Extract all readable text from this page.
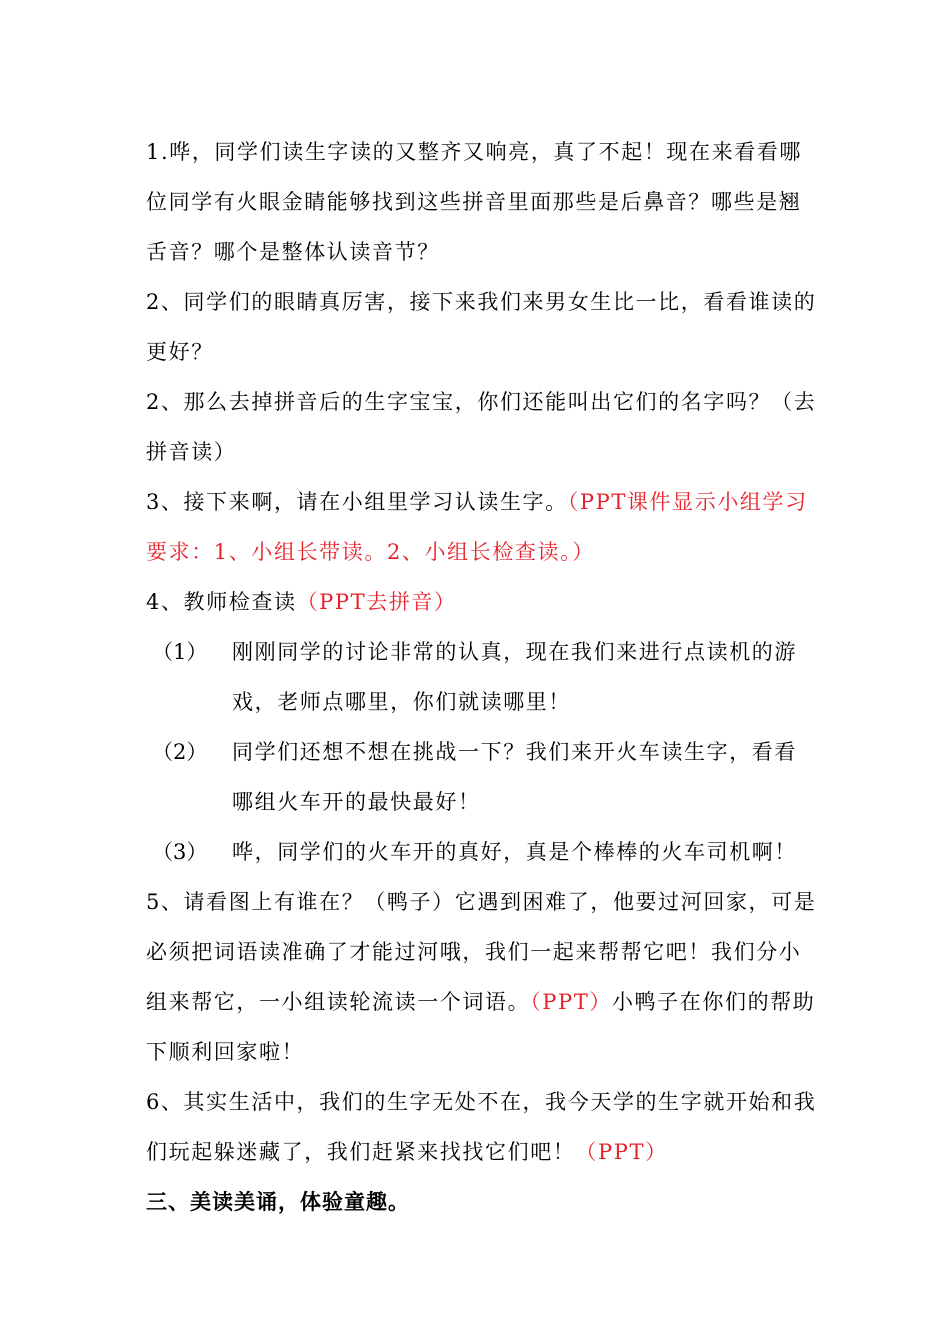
1.哗，同学们读生字读的又整齐又响亮，真了不起！现在来看看哪
位同学有火眼金睛能够找到这些拼音里面那些是后鼻音？哪些是翘
舌音？哪个是整体认读音节？
2、同学们的眼睛真厉害，接下来我们来男女生比一比，看看谁读的
更好？
2、那么去掉拼音后的生字宝宝，你们还能叫出它们的名字吗？（去
拼音读）
3、接下来啊，请在小组里学习认读生字。（PPT课件显示小组学习
要求：1、小组长带读。2、小组长检查读。）
4、教师检查读（PPT去拼音）
（1） 刚刚同学的讨论非常的认真，现在我们来进行点读机的游
戏，老师点哪里，你们就读哪里！
（2） 同学们还想不想在挑战一下？我们来开火车读生字，看看
哪组火车开的最快最好！
（3） 哗，同学们的火车开的真好，真是个棒棒的火车司机啊！
5、请看图上有谁在？（鸭子）它遇到困难了，他要过河回家，可是
必须把词语读准确了才能过河哦，我们一起来帮帮它吧！我们分小
组来帮它，一小组读轮流读一个词语。（PPT）小鸭子在你们的帮助
下顺利回家啦！
6、其实生活中，我们的生字无处不在，我今天学的生字就开始和我
们玩起躲迷藏了，我们赶紧来找找它们吧！（PPT）
三、美读美诵，体验童趣。
